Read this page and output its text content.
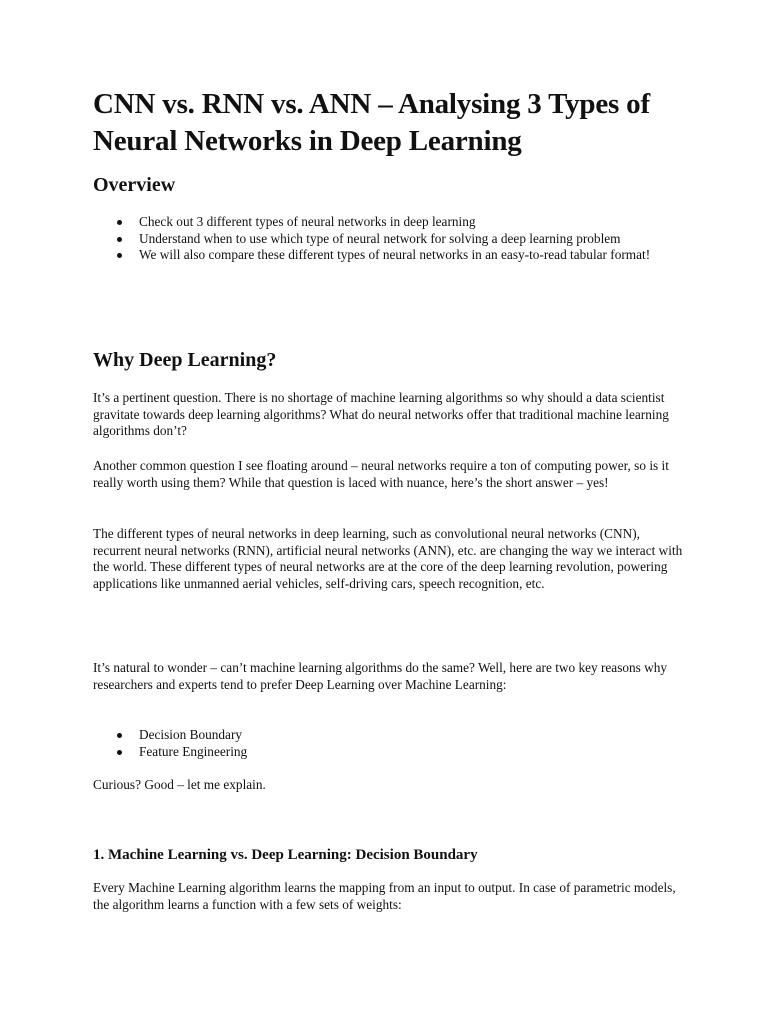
CNN vs. RNN vs. ANN – Analysing 3 Types of Neural Networks in Deep Learning
Overview
Check out 3 different types of neural networks in deep learning
Understand when to use which type of neural network for solving a deep learning problem
We will also compare these different types of neural networks in an easy-to-read tabular format!
Why Deep Learning?

It’s a pertinent question. There is no shortage of machine learning algorithms so why should a data scientist gravitate towards deep learning algorithms? What do neural networks offer that traditional machine learning algorithms don’t?

Another common question I see floating around – neural networks require a ton of computing power, so is it really worth using them? While that question is laced with nuance, here’s the short answer – yes!

The different types of neural networks in deep learning, such as convolutional neural networks (CNN), recurrent neural networks (RNN), artificial neural networks (ANN), etc. are changing the way we interact with the world. These different types of neural networks are at the core of the deep learning revolution, powering applications like unmanned aerial vehicles, self-driving cars, speech recognition, etc.

It’s natural to wonder – can’t machine learning algorithms do the same? Well, here are two key reasons why researchers and experts tend to prefer Deep Learning over Machine Learning:

Decision Boundary
Feature Engineering

Curious? Good – let me explain.

1. Machine Learning vs. Deep Learning: Decision Boundary

Every Machine Learning algorithm learns the mapping from an input to output. In case of parametric models, the algorithm learns a function with a few sets of weights:
